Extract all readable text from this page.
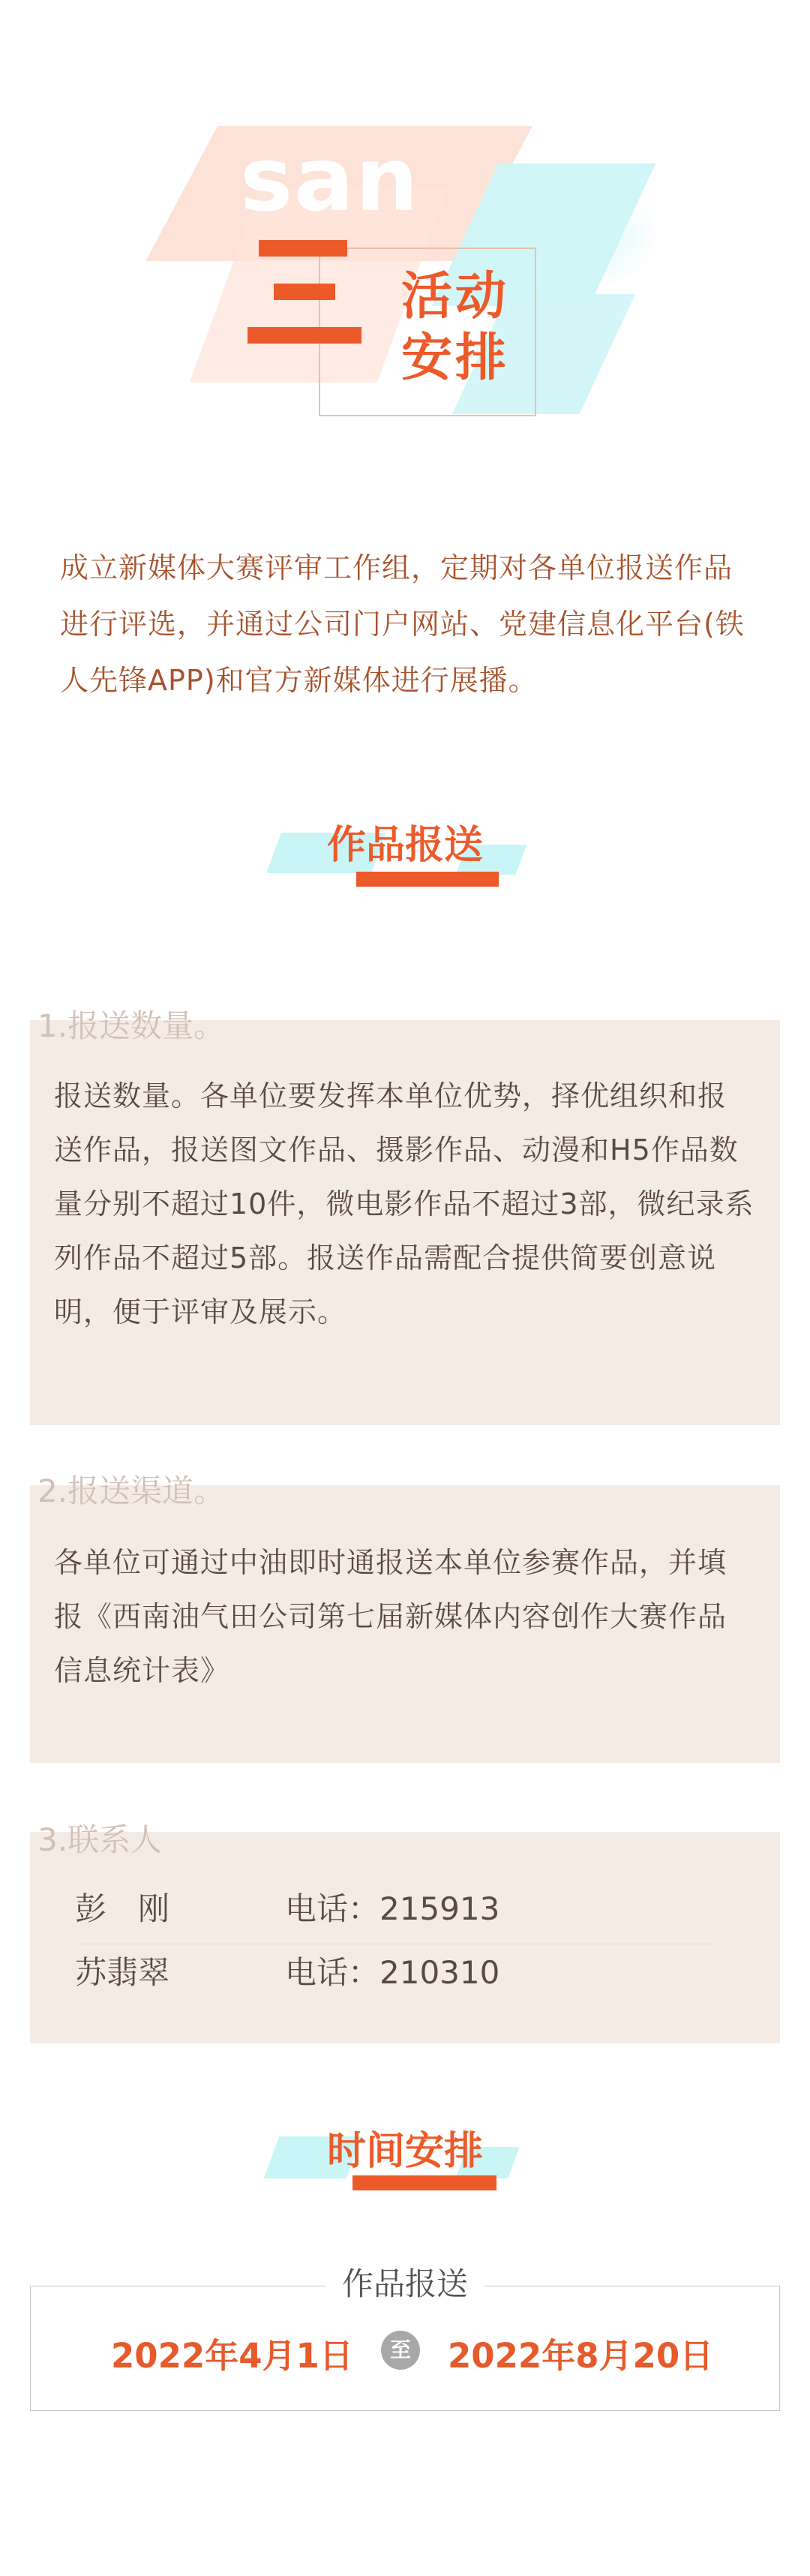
san
活动
安排
成立新媒体大赛评审工作组，定期对各单位报送作品进行评选，并通过公司门户网站、党建信息化平台(铁人先锋APP)和官方新媒体进行展播。
作品报送
1.报送数量。
报送数量。各单位要发挥本单位优势，择优组织和报送作品，报送图文作品、摄影作品、动漫和H5作品数量分别不超过10件，微电影作品不超过3部，微纪录系列作品不超过5部。报送作品需配合提供简要创意说明，便于评审及展示。
2.报送渠道。
各单位可通过中油即时通报送本单位参赛作品，并填报《西南油气田公司第七届新媒体内容创作大赛作品信息统计表》
3.联系人
彭　刚	电话：215913
苏翡翠	电话：210310
时间安排
作品报送
2022年4月1日	至 2022年8月20日
